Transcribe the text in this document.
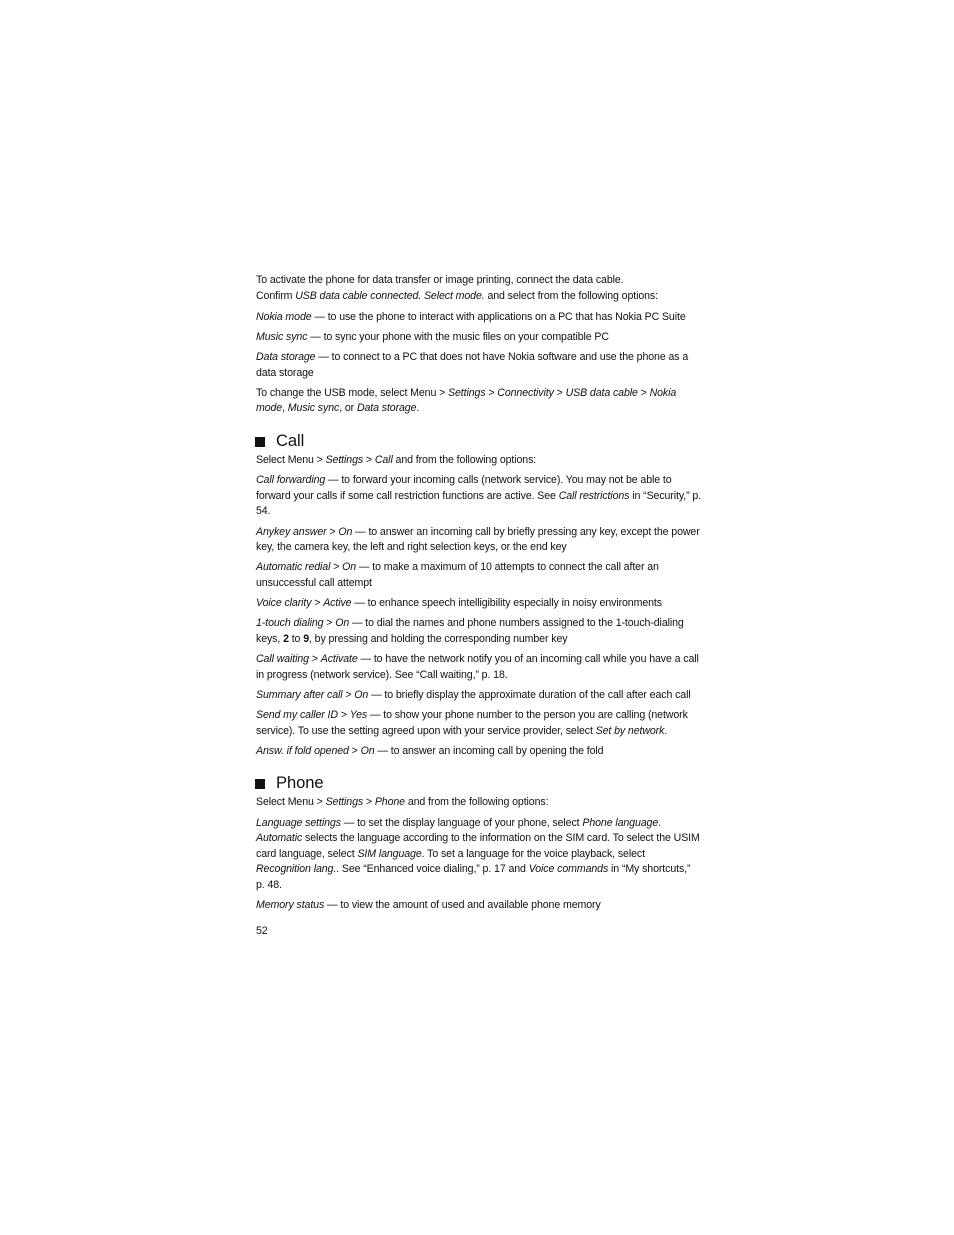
To activate the phone for data transfer or image printing, connect the data cable.
Confirm USB data cable connected. Select mode. and select from the following options:
Nokia mode — to use the phone to interact with applications on a PC that has Nokia PC Suite
Music sync — to sync your phone with the music files on your compatible PC
Data storage — to connect to a PC that does not have Nokia software and use the phone as a data storage
To change the USB mode, select Menu > Settings > Connectivity > USB data cable > Nokia mode, Music sync, or Data storage.
Call
Select Menu > Settings > Call and from the following options:
Call forwarding — to forward your incoming calls (network service). You may not be able to forward your calls if some call restriction functions are active. See Call restrictions in “Security,” p. 54.
Anykey answer > On — to answer an incoming call by briefly pressing any key, except the power key, the camera key, the left and right selection keys, or the end key
Automatic redial > On — to make a maximum of 10 attempts to connect the call after an unsuccessful call attempt
Voice clarity > Active — to enhance speech intelligibility especially in noisy environments
1-touch dialing > On — to dial the names and phone numbers assigned to the 1-touch-dialing keys, 2 to 9, by pressing and holding the corresponding number key
Call waiting > Activate — to have the network notify you of an incoming call while you have a call in progress (network service). See “Call waiting,” p. 18.
Summary after call > On — to briefly display the approximate duration of the call after each call
Send my caller ID > Yes — to show your phone number to the person you are calling (network service). To use the setting agreed upon with your service provider, select Set by network.
Answ. if fold opened > On — to answer an incoming call by opening the fold
Phone
Select Menu > Settings > Phone and from the following options:
Language settings — to set the display language of your phone, select Phone language. Automatic selects the language according to the information on the SIM card. To select the USIM card language, select SIM language. To set a language for the voice playback, select Recognition lang.. See “Enhanced voice dialing,” p. 17 and Voice commands in “My shortcuts,” p. 48.
Memory status — to view the amount of used and available phone memory
52
